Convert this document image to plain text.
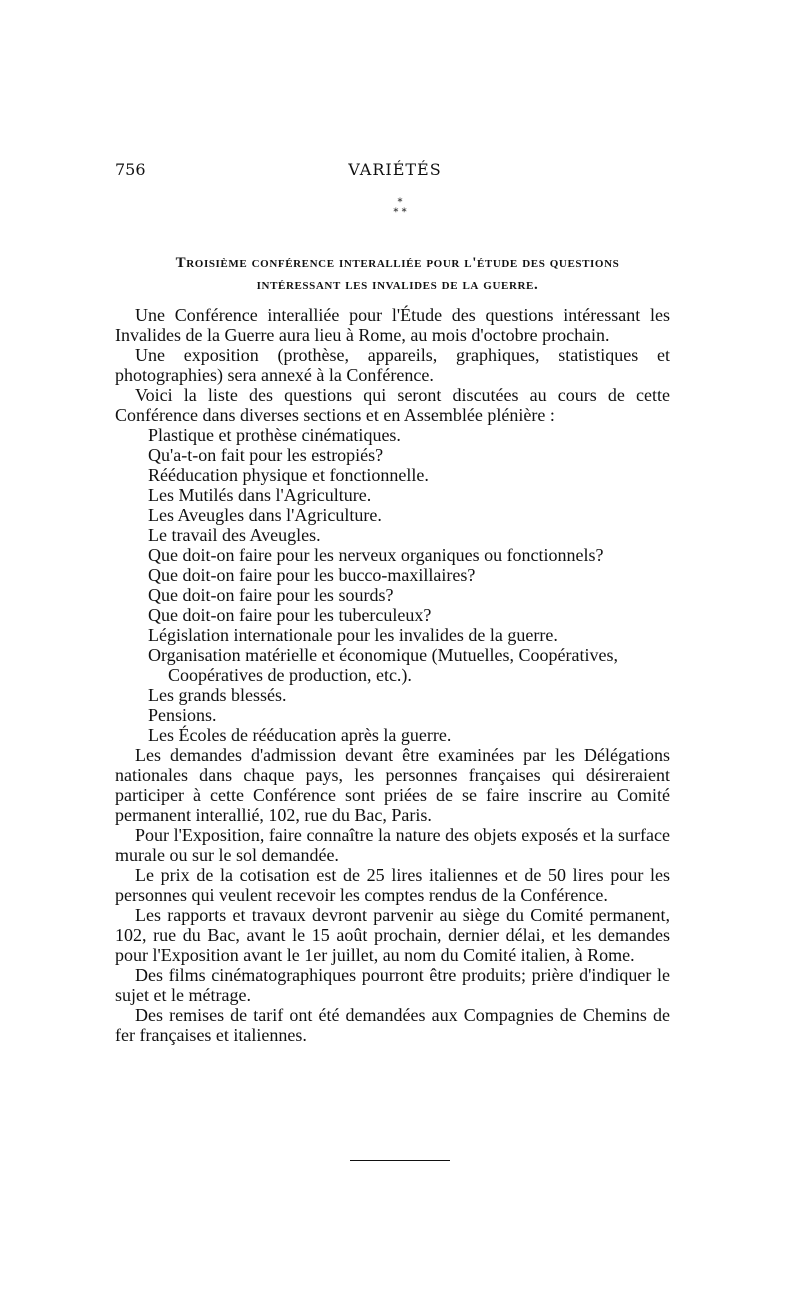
756	VARIÉTÉS
*
* *
Troisième conférence interalliée pour l'étude des questions
intéressant les invalides de la guerre.

Une Conférence interalliée pour l'Étude des questions intéressant les Invalides de la Guerre aura lieu à Rome, au mois d'octobre prochain.

Une exposition (prothèse, appareils, graphiques, statistiques et photographies) sera annexé à la Conférence.

Voici la liste des questions qui seront discutées au cours de cette Conférence dans diverses sections et en Assemblée plénière :

Plastique et prothèse cinématiques.
Qu'a-t-on fait pour les estropiés?
Rééducation physique et fonctionnelle.
Les Mutilés dans l'Agriculture.
Les Aveugles dans l'Agriculture.
Le travail des Aveugles.
Que doit-on faire pour les nerveux organiques ou fonctionnels?
Que doit-on faire pour les bucco-maxillaires?
Que doit-on faire pour les sourds?
Que doit-on faire pour les tuberculeux?
Législation internationale pour les invalides de la guerre.
Organisation matérielle et économique (Mutuelles, Coopératives, Coopératives de production, etc.).
Les grands blessés.
Pensions.
Les Écoles de rééducation après la guerre.

Les demandes d'admission devant être examinées par les Délégations nationales dans chaque pays, les personnes françaises qui désireraient participer à cette Conférence sont priées de se faire inscrire au Comité permanent interallié, 102, rue du Bac, Paris.

Pour l'Exposition, faire connaître la nature des objets exposés et la surface murale ou sur le sol demandée.

Le prix de la cotisation est de 25 lires italiennes et de 50 lires pour les personnes qui veulent recevoir les comptes rendus de la Conférence.

Les rapports et travaux devront parvenir au siège du Comité permanent, 102, rue du Bac, avant le 15 août prochain, dernier délai, et les demandes pour l'Exposition avant le 1er juillet, au nom du Comité italien, à Rome.

Des films cinématographiques pourront être produits; prière d'indiquer le sujet et le métrage.

Des remises de tarif ont été demandées aux Compagnies de Chemins de fer françaises et italiennes.
